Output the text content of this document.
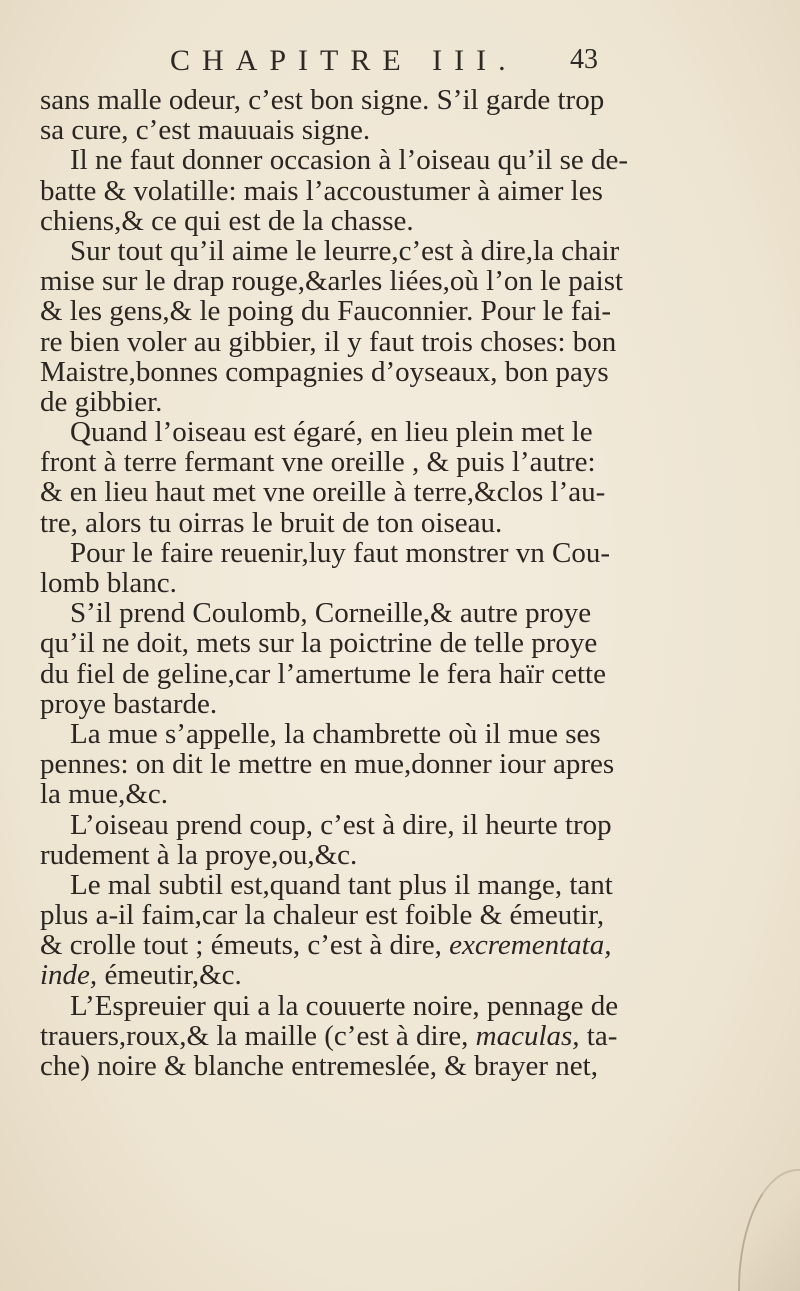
CHAPITRE III. 43
sans malle odeur, c’est bon signe. S’il garde trop
sa cure, c’est mauuais signe.
Il ne faut donner occasion à l’oiseau qu’il se de-
batte & volatille: mais l’accoustumer à aimer les
chiens,& ce qui est de la chasse.
Sur tout qu’il aime le leurre,c’est à dire,la chair
mise sur le drap rouge,&arles liées,où l’on le paist
& les gens,& le poing du Fauconnier. Pour le fai-
re bien voler au gibbier, il y faut trois choses: bon
Maistre,bonnes compagnies d’oyseaux, bon pays
de gibbier.
Quand l’oiseau est égaré, en lieu plein met le
front à terre fermant vne oreille , & puis l’autre:
& en lieu haut met vne oreille à terre,&clos l’au-
tre, alors tu oirras le bruit de ton oiseau.
Pour le faire reuenir,luy faut monstrer vn Cou-
lomb blanc.
S’il prend Coulomb, Corneille,& autre proye
qu’il ne doit, mets sur la poictrine de telle proye
du fiel de geline,car l’amertume le fera haïr cette
proye bastarde.
La mue s’appelle, la chambrette où il mue ses
pennes: on dit le mettre en mue,donner iour apres
la mue,&c.
L’oiseau prend coup, c’est à dire, il heurte trop
rudement à la proye,ou,&c.
Le mal subtil est,quand tant plus il mange, tant
plus a-il faim,car la chaleur est foible & émeutir,
& crolle tout ; émeuts, c’est à dire, excrementata,
inde, émeutir,&c.
L’Espreuier qui a la couuerte noire, pennage de
trauers,roux,& la maille (c’est à dire, maculas, ta-
che) noire & blanche entremeslée, & brayer net,
